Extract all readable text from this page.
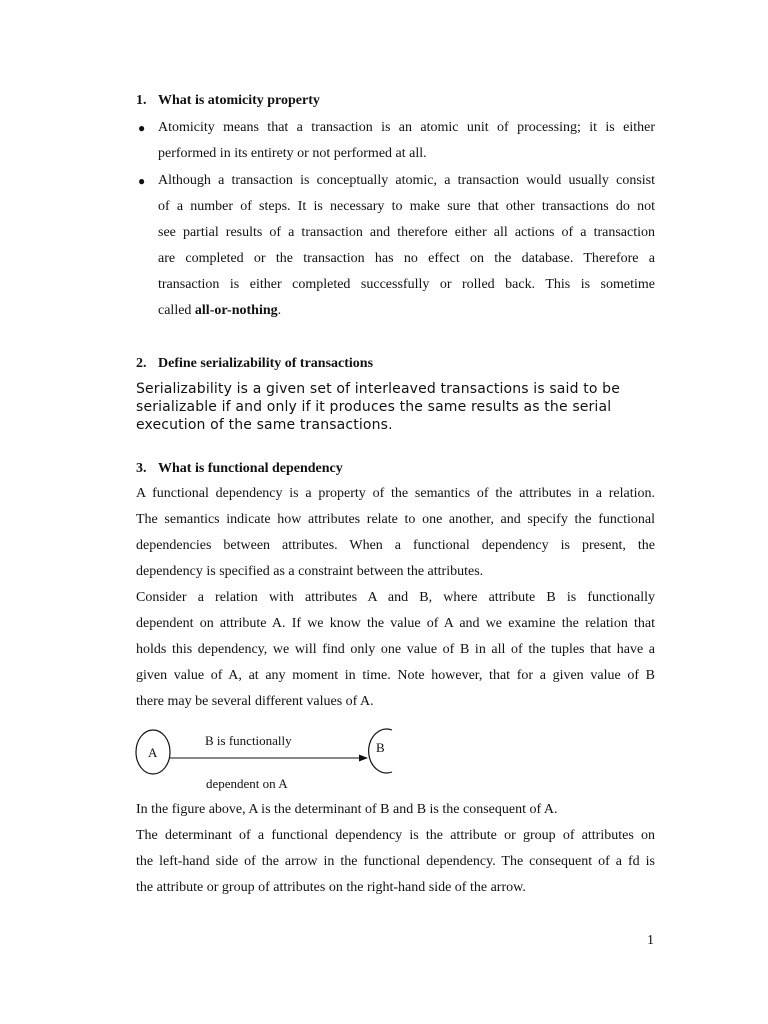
1. What is atomicity property
● Atomicity means that a transaction is an atomic unit of processing; it is either
performed in its entirety or not performed at all.
● Although a transaction is conceptually atomic, a transaction would usually consist
of a number of steps. It is necessary to make sure that other transactions do not
see partial results of a transaction and therefore either all actions of a transaction
are completed or the transaction has no effect on the database. Therefore a
transaction is either completed successfully or rolled back. This is sometime
called all-or-nothing.
2. Define serializability of transactions
Serializability is a given set of interleaved transactions is said to be
serializable if and only if it produces the same results as the serial
execution of the same transactions.
3. What is functional dependency
A functional dependency is a property of the semantics of the attributes in a relation.
The semantics indicate how attributes relate to one another, and specify the functional
dependencies between attributes. When a functional dependency is present, the
dependency is specified as a constraint between the attributes.
Consider a relation with attributes A and B, where attribute B is functionally
dependent on attribute A. If we know the value of A and we examine the relation that
holds this dependency, we will find only one value of B in all of the tuples that have a
given value of A, at any moment in time. Note however, that for a given value of B
there may be several different values of A.
A	B
B is functionally
dependent on A
In the figure above, A is the determinant of B and B is the consequent of A.
The determinant of a functional dependency is the attribute or group of attributes on
the left-hand side of the arrow in the functional dependency. The consequent of a fd is
the attribute or group of attributes on the right-hand side of the arrow.
1
